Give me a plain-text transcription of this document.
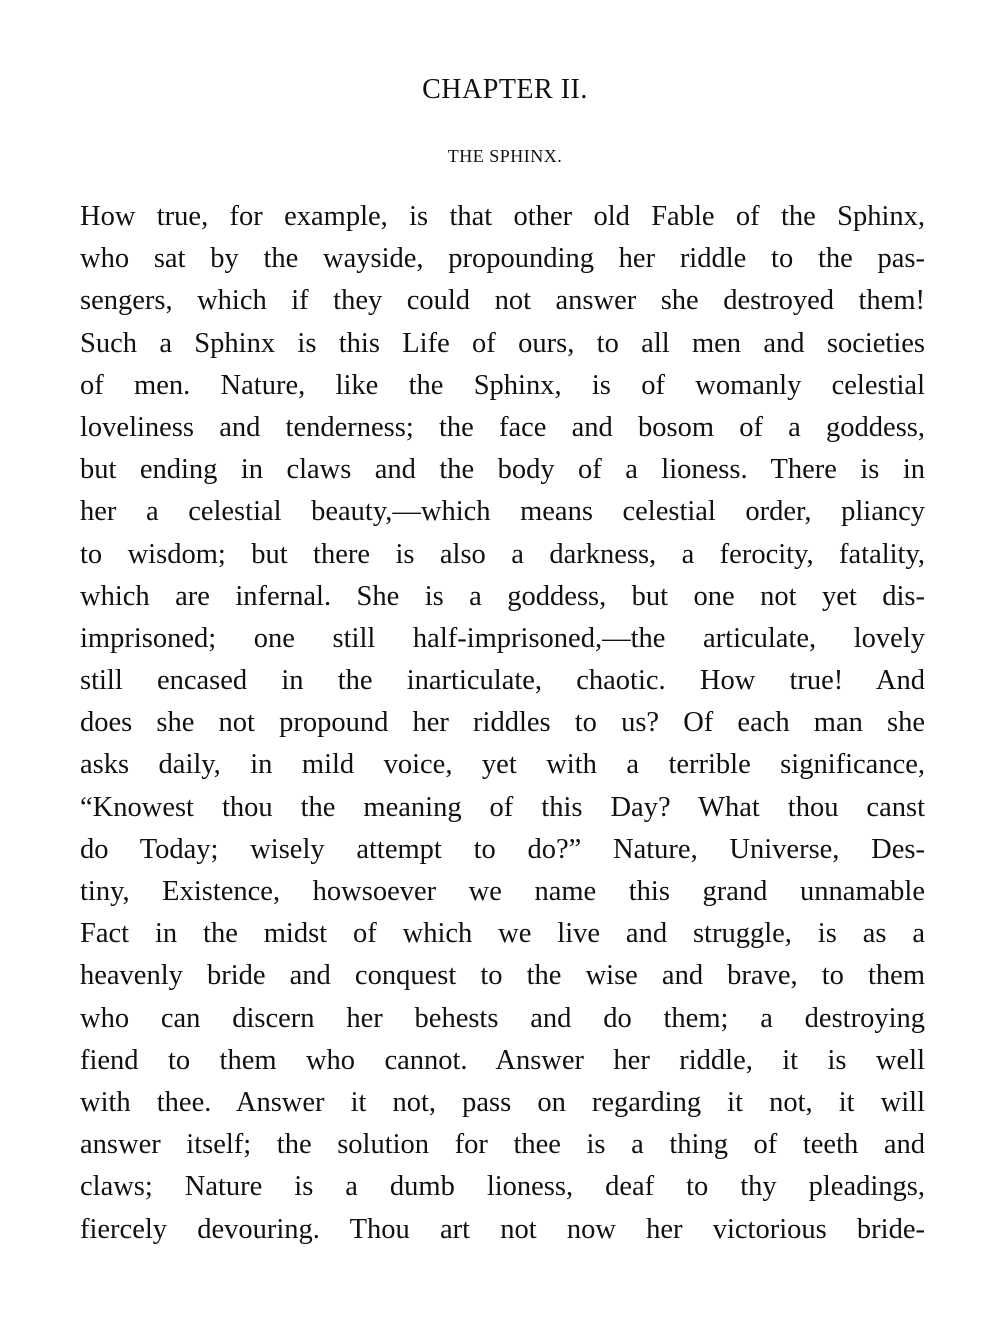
CHAPTER II.
THE SPHINX.
How true, for example, is that other old Fable of the Sphinx,
who sat by the wayside, propounding her riddle to the pas-
sengers, which if they could not answer she destroyed them!
Such a Sphinx is this Life of ours, to all men and societies
of men. Nature, like the Sphinx, is of womanly celestial
loveliness and tenderness; the face and bosom of a goddess,
but ending in claws and the body of a lioness. There is in
her a celestial beauty,—which means celestial order, pliancy
to wisdom; but there is also a darkness, a ferocity, fatality,
which are infernal. She is a goddess, but one not yet dis-
imprisoned; one still half-imprisoned,—the articulate, lovely
still encased in the inarticulate, chaotic. How true! And
does she not propound her riddles to us? Of each man she
asks daily, in mild voice, yet with a terrible significance,
“Knowest thou the meaning of this Day? What thou canst
do Today; wisely attempt to do?” Nature, Universe, Des-
tiny, Existence, howsoever we name this grand unnamable
Fact in the midst of which we live and struggle, is as a
heavenly bride and conquest to the wise and brave, to them
who can discern her behests and do them; a destroying
fiend to them who cannot. Answer her riddle, it is well
with thee. Answer it not, pass on regarding it not, it will
answer itself; the solution for thee is a thing of teeth and
claws; Nature is a dumb lioness, deaf to thy pleadings,
fiercely devouring. Thou art not now her victorious bride-
